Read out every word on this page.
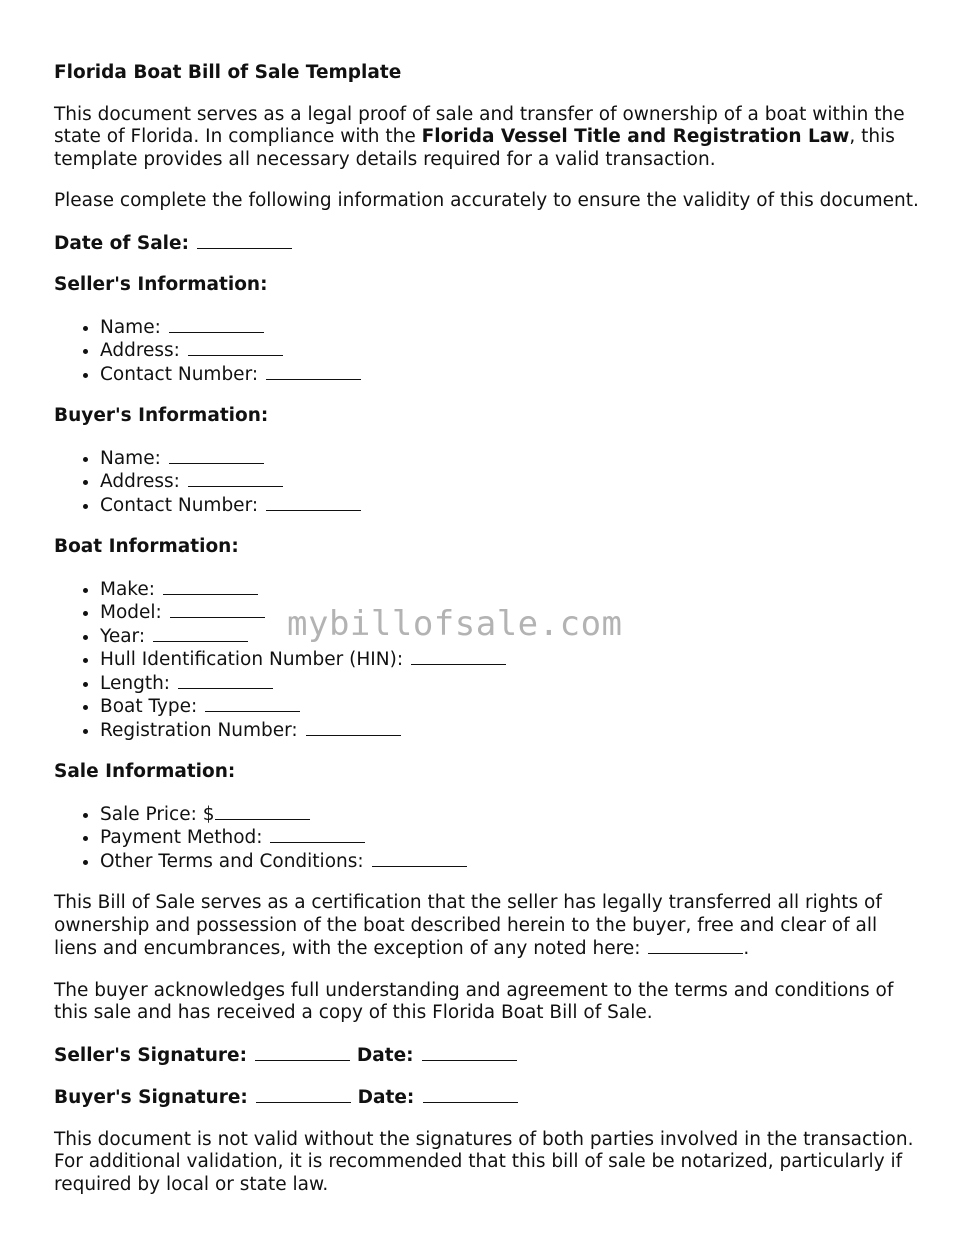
Florida Boat Bill of Sale Template

This document serves as a legal proof of sale and transfer of ownership of a boat within the state of Florida. In compliance with the Florida Vessel Title and Registration Law, this template provides all necessary details required for a valid transaction.

Please complete the following information accurately to ensure the validity of this document.

Date of Sale:
Seller's Information:
• Name:
• Address:
• Contact Number:
Buyer's Information:
• Name:
• Address:
• Contact Number:
Boat Information:
• Make:
• Model:
• Year:
• Hull Identification Number (HIN):
• Length:
• Boat Type:
• Registration Number:
Sale Information:
• Sale Price: $
• Payment Method:
• Other Terms and Conditions:

This Bill of Sale serves as a certification that the seller has legally transferred all rights of ownership and possession of the boat described herein to the buyer, free and clear of all liens and encumbrances, with the exception of any noted here:	.

The buyer acknowledges full understanding and agreement to the terms and conditions of this sale and has received a copy of this Florida Boat Bill of Sale.

Seller's Signature:	Date:
Buyer's Signature:	Date:

This document is not valid without the signatures of both parties involved in the transaction. For additional validation, it is recommended that this bill of sale be notarized, particularly if required by local or state law.

mybillofsale.com
